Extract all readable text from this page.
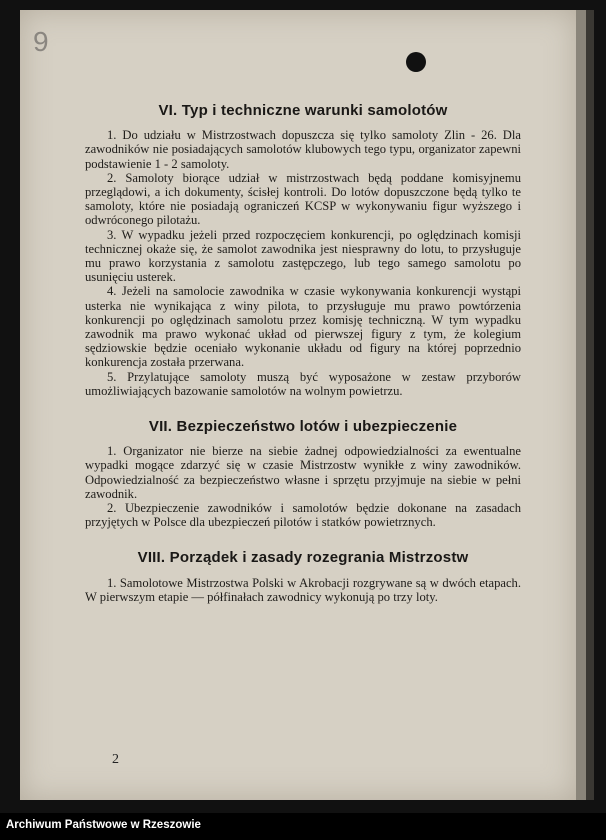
9
VI. Typ i techniczne warunki samolotów

1. Do udziału w Mistrzostwach dopuszcza się tylko samoloty Zlin - 26. Dla zawodników nie posiadających samolotów klubowych tego typu, organizator zapewni podstawienie 1 - 2 samoloty.

2. Samoloty biorące udział w mistrzostwach będą poddane komisyjnemu przeglądowi, a ich dokumenty, ścisłej kontroli. Do lotów dopuszczone będą tylko te samoloty, które nie posiadają ograniczeń KCSP w wykonywaniu figur wyższego i odwróconego pilotażu.

3. W wypadku jeżeli przed rozpoczęciem konkurencji, po oględzinach komisji technicznej okaże się, że samolot zawodnika jest niesprawny do lotu, to przysługuje mu prawo korzystania z samolotu zastępczego, lub tego samego samolotu po usunięciu usterek.

4. Jeżeli na samolocie zawodnika w czasie wykonywania konkurencji wystąpi usterka nie wynikająca z winy pilota, to przysługuje mu prawo powtórzenia konkurencji po oględzinach samolotu przez komisję techniczną. W tym wypadku zawodnik ma prawo wykonać układ od pierwszej figury z tym, że kolegium sędziowskie będzie oceniało wykonanie układu od figury na której poprzednio konkurencja została przerwana.

5. Przylatujące samoloty muszą być wyposażone w zestaw przyborów umożliwiających bazowanie samolotów na wolnym powietrzu.

VII. Bezpieczeństwo lotów i ubezpieczenie

1. Organizator nie bierze na siebie żadnej odpowiedzialności za ewentualne wypadki mogące zdarzyć się w czasie Mistrzostw wynikłe z winy zawodników. Odpowiedzialność za bezpieczeństwo własne i sprzętu przyjmuje na siebie w pełni zawodnik.

2. Ubezpieczenie zawodników i samolotów będzie dokonane na zasadach przyjętych w Polsce dla ubezpieczeń pilotów i statków powietrznych.

VIII. Porządek i zasady rozegrania Mistrzostw

1. Samolotowe Mistrzostwa Polski w Akrobacji rozgrywane są w dwóch etapach. W pierwszym etapie — półfinałach zawodnicy wykonują po trzy loty.

2
Archiwum Państwowe w Rzeszowie
